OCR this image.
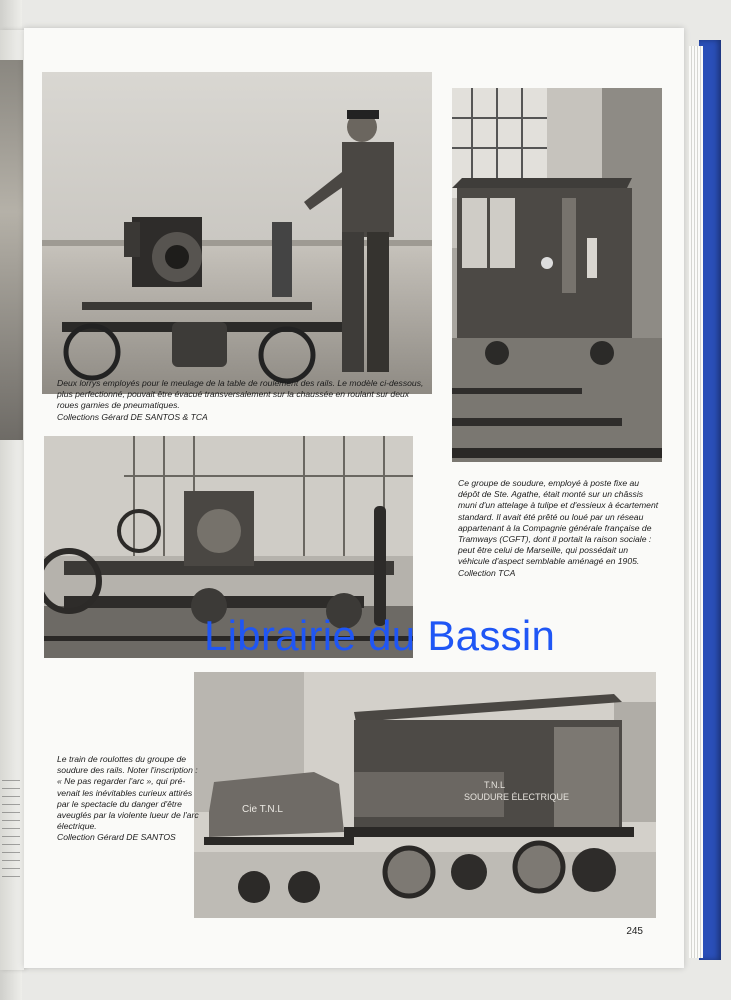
Deux lorrys employés pour le meulage de la table de roulement des rails. Le modèle ci-dessous,
plus perfectionné, pouvait être évacué transversalement sur la chaussée en roulant sur deux
roues garnies de pneumatiques.
Collections Gérard DE SANTOS & TCA
Ce groupe de soudure, employé à poste fixe au
dépôt de Ste. Agathe, était monté sur un châssis
muni d'un attelage à tulipe et d'essieux à écartement
standard. Il avait été prêté ou loué par un réseau
appartenant à la Compagnie générale française de
Tramways (CGFT), dont il portait la raison sociale :
peut être celui de Marseille, qui possédait un
véhicule d'aspect semblable aménagé en 1905.
Collection TCA
SOUDURE ÉLECTRIQUE
T.N.L
Cie T.N.L
Le train de roulottes du groupe de
soudure des rails. Noter l'inscription :
« Ne pas regarder l'arc », qui pré-
venait les inévitables curieux attirés
par le spectacle du danger d'être
aveuglés par la violente lueur de l'arc
électrique.
Collection Gérard DE SANTOS
Librairie du Bassin
245
